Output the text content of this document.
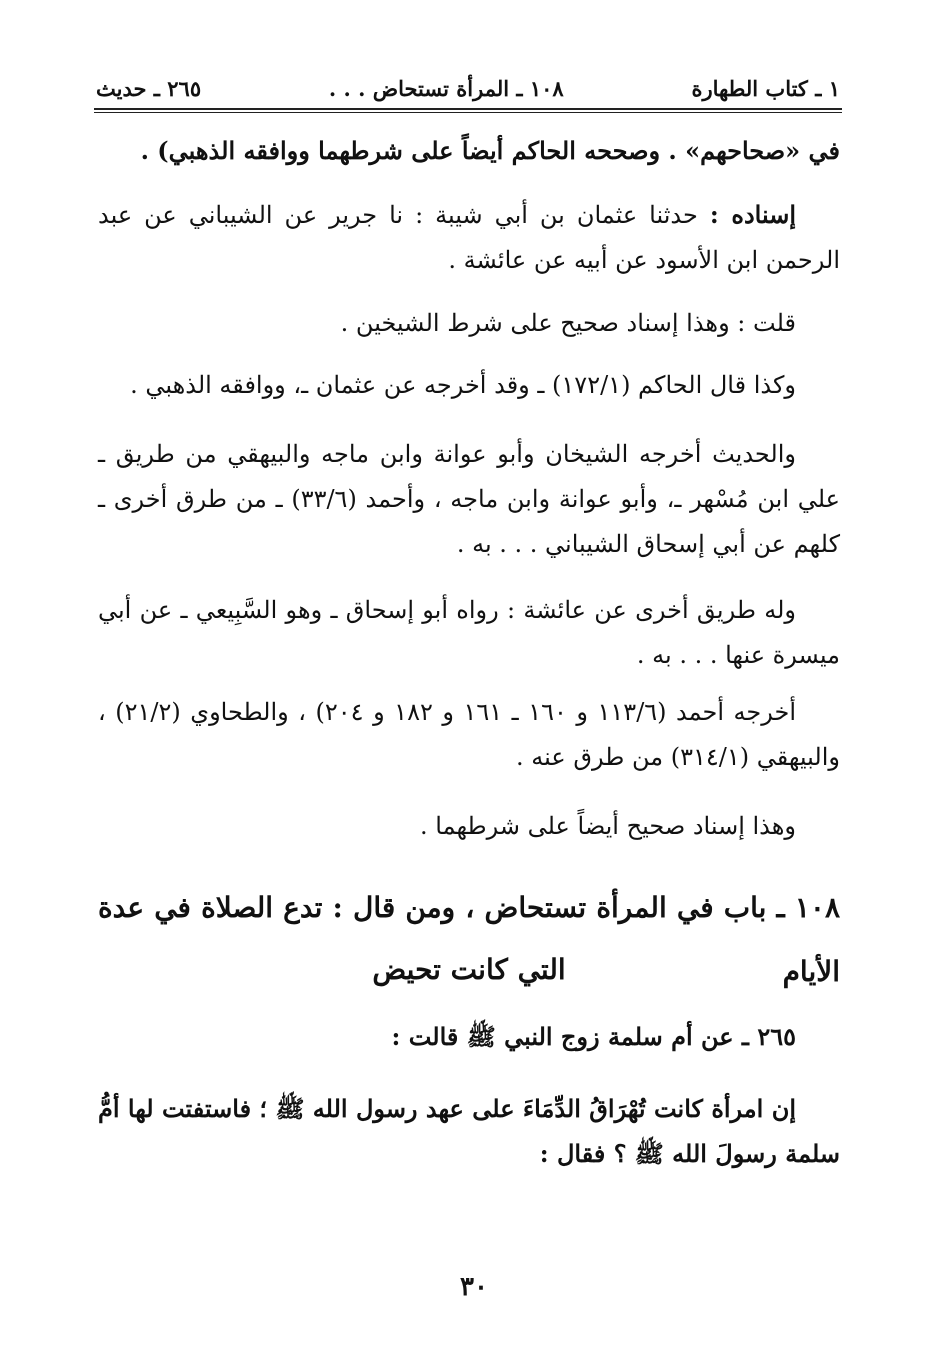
١ ـ كتاب الطهارة
١٠٨ ـ المرأة تستحاض . . .
٢٦٥ ـ حديث

في «صحاحهم» . وصححه الحاكم أيضاً على شرطهما ووافقه الذهبي) .

إسناده : حدثنا عثمان بن أبي شيبة : نا جرير عن الشيباني عن عبد الرحمن ابن الأسود عن أبيه عن عائشة .

قلت : وهذا إسناد صحيح على شرط الشيخين .

وكذا قال الحاكم (١٧٢/١) ـ وقد أخرجه عن عثمان ـ، ووافقه الذهبي .

والحديث أخرجه الشيخان وأبو عوانة وابن ماجه والبيهقي من طريق ـ علي ابن مُسْهر ـ، وأبو عوانة وابن ماجه ، وأحمد (٣٣/٦) ـ من طرق أخرى ـ كلهم عن أبي إسحاق الشيباني . . . به .

وله طريق أخرى عن عائشة : رواه أبو إسحاق ـ وهو السَّبِيعي ـ عن أبي ميسرة عنها . . . به .

أخرجه أحمد (١١٣/٦ و ١٦٠ ـ ١٦١ و ١٨٢ و ٢٠٤) ، والطحاوي (٢١/٢) ، والبيهقي (٣١٤/١) من طرق عنه .

وهذا إسناد صحيح أيضاً على شرطهما .

١٠٨ ـ باب في المرأة تستحاض ، ومن قال : تدع الصلاة في عدة الأيام

التي كانت تحيض

٢٦٥ ـ عن أم سلمة زوج النبي ﷺ قالت :

إن امرأة كانت تُهْرَاقُ الدِّمَاءَ على عهد رسول الله ﷺ ؛ فاستفتت لها أمُّ سلمة رسولَ الله ﷺ ؟ فقال :

٣٠
